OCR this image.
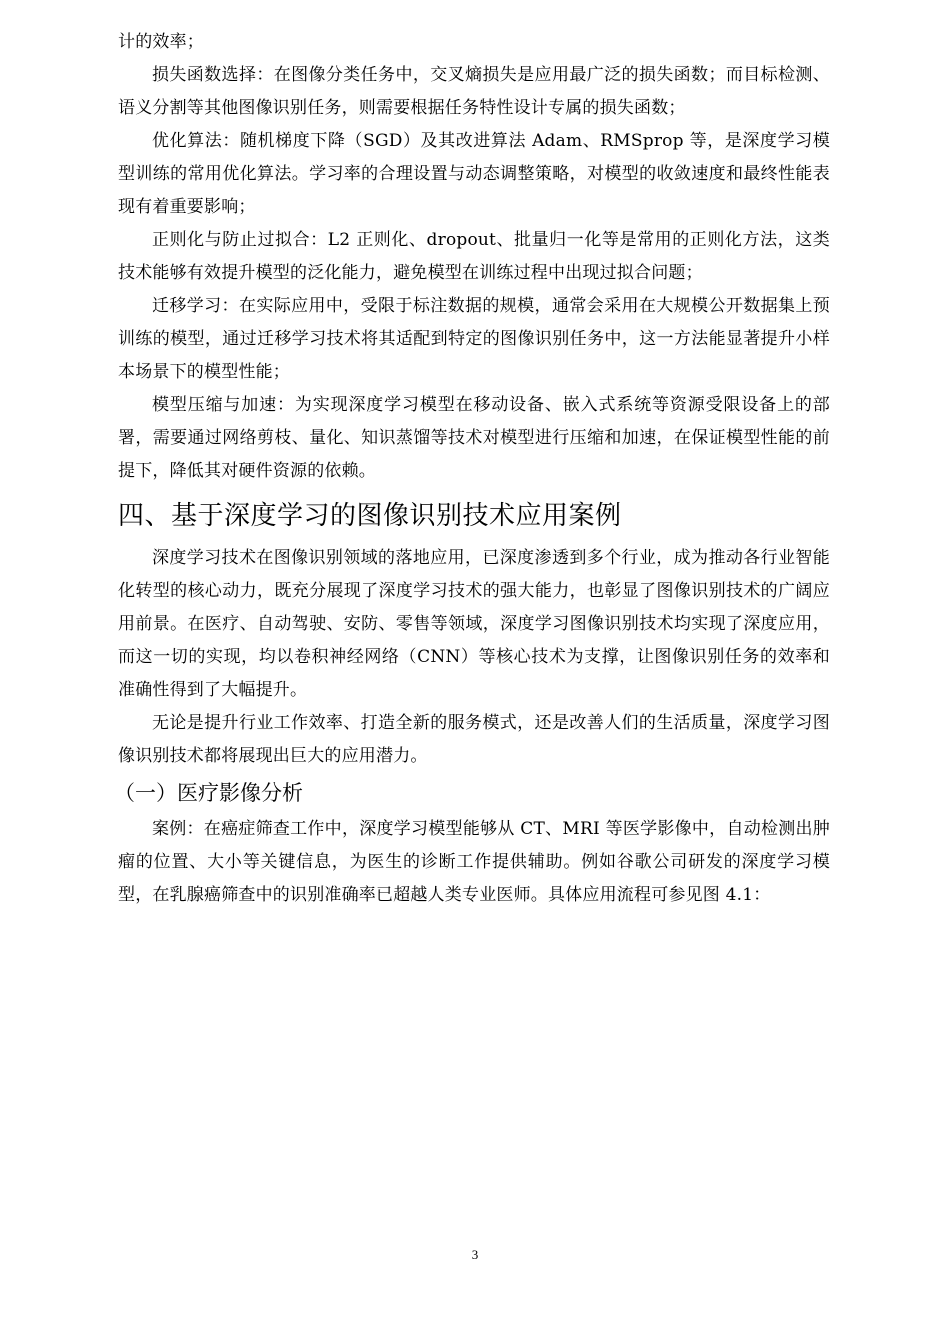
计的效率；

损失函数选择：在图像分类任务中，交叉熵损失是应用最广泛的损失函数；而目标检测、语义分割等其他图像识别任务，则需要根据任务特性设计专属的损失函数；

优化算法：随机梯度下降（SGD）及其改进算法 Adam、RMSprop 等，是深度学习模型训练的常用优化算法。学习率的合理设置与动态调整策略，对模型的收敛速度和最终性能表现有着重要影响；

正则化与防止过拟合：L2 正则化、dropout、批量归一化等是常用的正则化方法，这类技术能够有效提升模型的泛化能力，避免模型在训练过程中出现过拟合问题；

迁移学习：在实际应用中，受限于标注数据的规模，通常会采用在大规模公开数据集上预训练的模型，通过迁移学习技术将其适配到特定的图像识别任务中，这一方法能显著提升小样本场景下的模型性能；

模型压缩与加速：为实现深度学习模型在移动设备、嵌入式系统等资源受限设备上的部署，需要通过网络剪枝、量化、知识蒸馏等技术对模型进行压缩和加速，在保证模型性能的前提下，降低其对硬件资源的依赖。

四、基于深度学习的图像识别技术应用案例

深度学习技术在图像识别领域的落地应用，已深度渗透到多个行业，成为推动各行业智能化转型的核心动力，既充分展现了深度学习技术的强大能力，也彰显了图像识别技术的广阔应用前景。在医疗、自动驾驶、安防、零售等领域，深度学习图像识别技术均实现了深度应用，而这一切的实现，均以卷积神经网络（CNN）等核心技术为支撑，让图像识别任务的效率和准确性得到了大幅提升。

无论是提升行业工作效率、打造全新的服务模式，还是改善人们的生活质量，深度学习图像识别技术都将展现出巨大的应用潜力。

（一）医疗影像分析

案例：在癌症筛查工作中，深度学习模型能够从 CT、MRI 等医学影像中，自动检测出肿瘤的位置、大小等关键信息，为医生的诊断工作提供辅助。例如谷歌公司研发的深度学习模型，在乳腺癌筛查中的识别准确率已超越人类专业医师。具体应用流程可参见图 4.1：

3
